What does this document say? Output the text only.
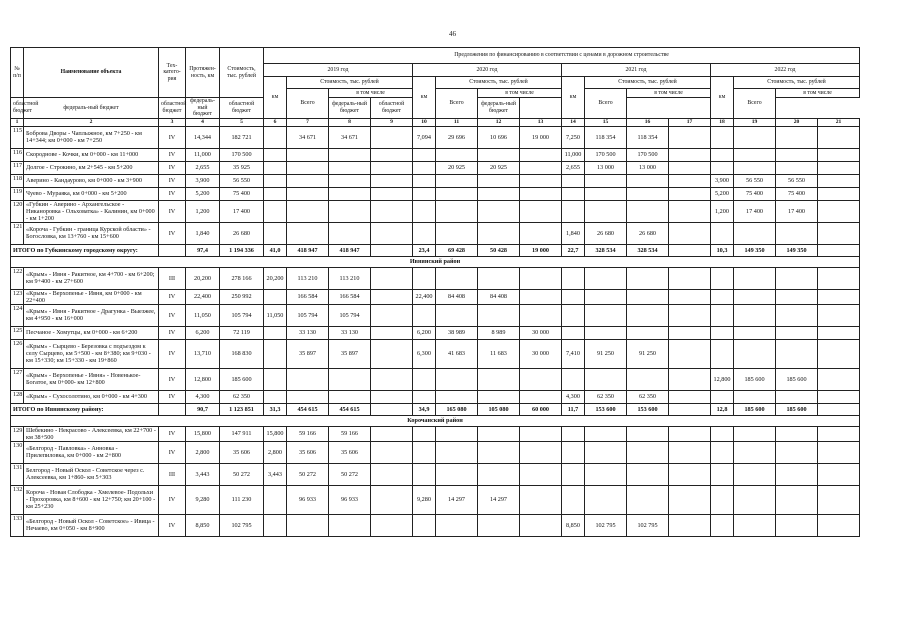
46
№ п/п	Наименование объекта	Тех-катего-рия	Протяжен-ность, км	Стоимость, тыс. рублей	Предложения по финансированию в соответствии с ценами в дорожном строительстве															
					2019 год				2020 год				2021 год				2022 год			
					км	Стоимость, тыс. рублей			км	Стоимость, тыс. рублей			км	Стоимость, тыс. рублей			км	Стоимость, тыс. рублей		
						Всего	в том числе			Всего	в том числе			Всего	в том числе			Всего	в том числе	
областной бюджет	федераль-ный бюджет	областной бюджет	федераль-ный бюджет	областной бюджет			федераль-ный бюджет	областной бюджет			федераль-ный бюджет									
1	2	3	4	5	6	7	8	9	10	11	12	13	14	15	16	17	18	19	20	21
115	Боброва Дворы - Чаплыжное, км 7+250 - км 14+344; км 0+000 - км 7+250	IV	14,344	182 721		34 671	34 671		7,094	29 696	10 696	19 000	7,250	118 354	118 354					
116	Скороднове - Кочки, км 0+000 - км 11+000	IV	11,000	170 500									11,000	170 500	170 500					
117	Долгое - Строкино, км 2+545 - км 5+200	IV	2,655	35 925						20 925	20 925		2,655	13 000	13 000					
118	Аверино - Кандаурово, км 0+000 - км 3+900	IV	3,900	56 550													3,900	56 550	56 550	
119	Чуево - Мураяка, км 0+000 - км 5+200	IV	5,200	75 400													5,200	75 400	75 400	
120	«Губкин - Аверино - Архангельское - Никаноровка - Ольховатка» - Калинин, км 0+000 - км 1+200	IV	1,200	17 400													1,200	17 400	17 400	
121	«Короча - Губкин - граница Курской области» - Богословка, км 13+760 - км 15+600	IV	1,840	26 680									1,840	26 680	26 680					
ИТОГО по Губкинскому городскому округу:			97,4	1 194 336	41,0	418 947	418 947		23,4	69 428	50 428	19 000	22,7	328 534	328 534		10,3	149 350	149 350	
Ивнянский район																				
122	«Крым» - Ивня - Ракитное, км 4+700 - км 6+200; км 9+400 - км 27+600	III	20,200	278 166	20,200	113 210	113 210													
123	«Крым» - Верхопенье - Ивня, км 0+000 - км 22+400	IV	22,400	250 992		166 584	166 584		22,400	84 408	84 408									
124	«Крым» - Ивня - Ракитное - Драгунка - Выезжее, км 4+950 - км 16+000	IV	11,050	105 794	11,050	105 794	105 794													
125	Песчаное - Хомутцы, км 0+000 - км 6+200	IV	6,200	72 119		33 130	33 130		6,200	38 989	8 989	30 000								
126	«Крым» - Сырцево - Березовка с подъездом к селу Сырцево, км 5+500 - км 8+380; км 9+030 - км 15+330; км 15+330 - км 19+860	IV	13,710	168 830		35 897	35 897		6,300	41 683	11 683	30 000	7,410	91 250	91 250					
127	«Крым» - Верхопенье - Ивня» - Новенькое-Богатое, км 0+000- км 12+800	IV	12,800	185 600													12,800	185 600	185 600	
128	«Крым» - Сухосолотино, км 0+000 - км 4+300	IV	4,300	62 350									4,300	62 350	62 350					
ИТОГО по Ивнянскому району:			90,7	1 123 851	31,3	454 615	454 615		34,9	165 080	105 080	60 000	11,7	153 600	153 600		12,8	185 600	185 600	
Корочанский район																				
129	Шебекино - Некрасово - Алексеевка, км 22+700 - км 38+500	IV	15,800	147 911	15,800	59 166	59 166													
130	«Белгород - Павловка» - Анновка - Прилепиловка, км 0+000 - км 2+800	IV	2,800	35 606	2,800	35 606	35 606													
131	Белгород - Новый Оскол - Советское через с. Алексеевка, км 1+860- км 5+303	III	3,443	50 272	3,443	50 272	50 272													
132	Короча - Новая Слободка - Хмелевое- Подольхи - Прохоровка, км 8+600 - км 12+750; км 20+100 - км 25+230	IV	9,280	111 230		96 933	96 933		9,280	14 297	14 297									
133	«Белгород - Новый Оскол - Советское» - Ивица - Нечаево, км 0+050 - км 8+900	IV	8,850	102 795									8,850	102 795	102 795					
